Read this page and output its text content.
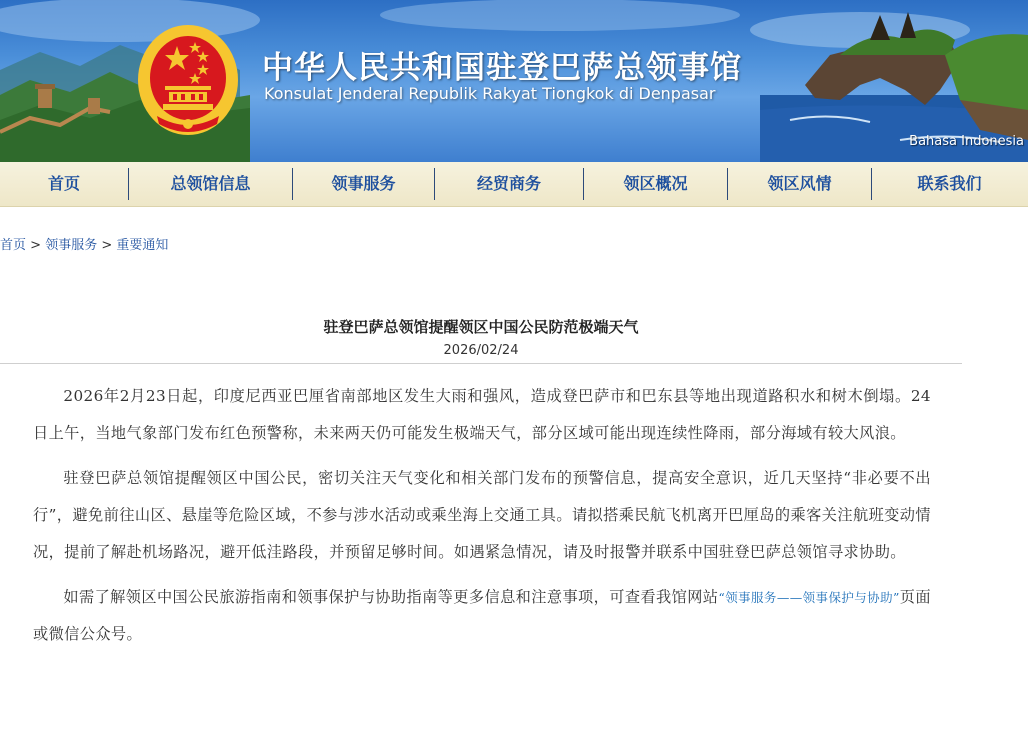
中华人民共和国驻登巴萨总领事馆
Konsulat Jenderal Republik Rakyat Tiongkok di Denpasar
Bahasa Indonesia
首页	总领馆信息	领事服务	经贸商务	领区概况	领区风情	联系我们
首页 > 领事服务 > 重要通知
驻登巴萨总领馆提醒领区中国公民防范极端天气
2026/02/24

2026年2月23日起，印度尼西亚巴厘省南部地区发生大雨和强风，造成登巴萨市和巴东县等地出现道路积水和树木倒塌。24日上午，当地气象部门发布红色预警称，未来两天仍可能发生极端天气，部分区域可能出现连续性降雨，部分海域有较大风浪。

驻登巴萨总领馆提醒领区中国公民，密切关注天气变化和相关部门发布的预警信息，提高安全意识，近几天坚持“非必要不出行”，避免前往山区、悬崖等危险区域，不参与涉水活动或乘坐海上交通工具。请拟搭乘民航飞机离开巴厘岛的乘客关注航班变动情况，提前了解赴机场路况，避开低洼路段，并预留足够时间。如遇紧急情况，请及时报警并联系中国驻登巴萨总领馆寻求协助。

如需了解领区中国公民旅游指南和领事保护与协助指南等更多信息和注意事项，可查看我馆网站“领事服务——领事保护与协助”页面或微信公众号。
